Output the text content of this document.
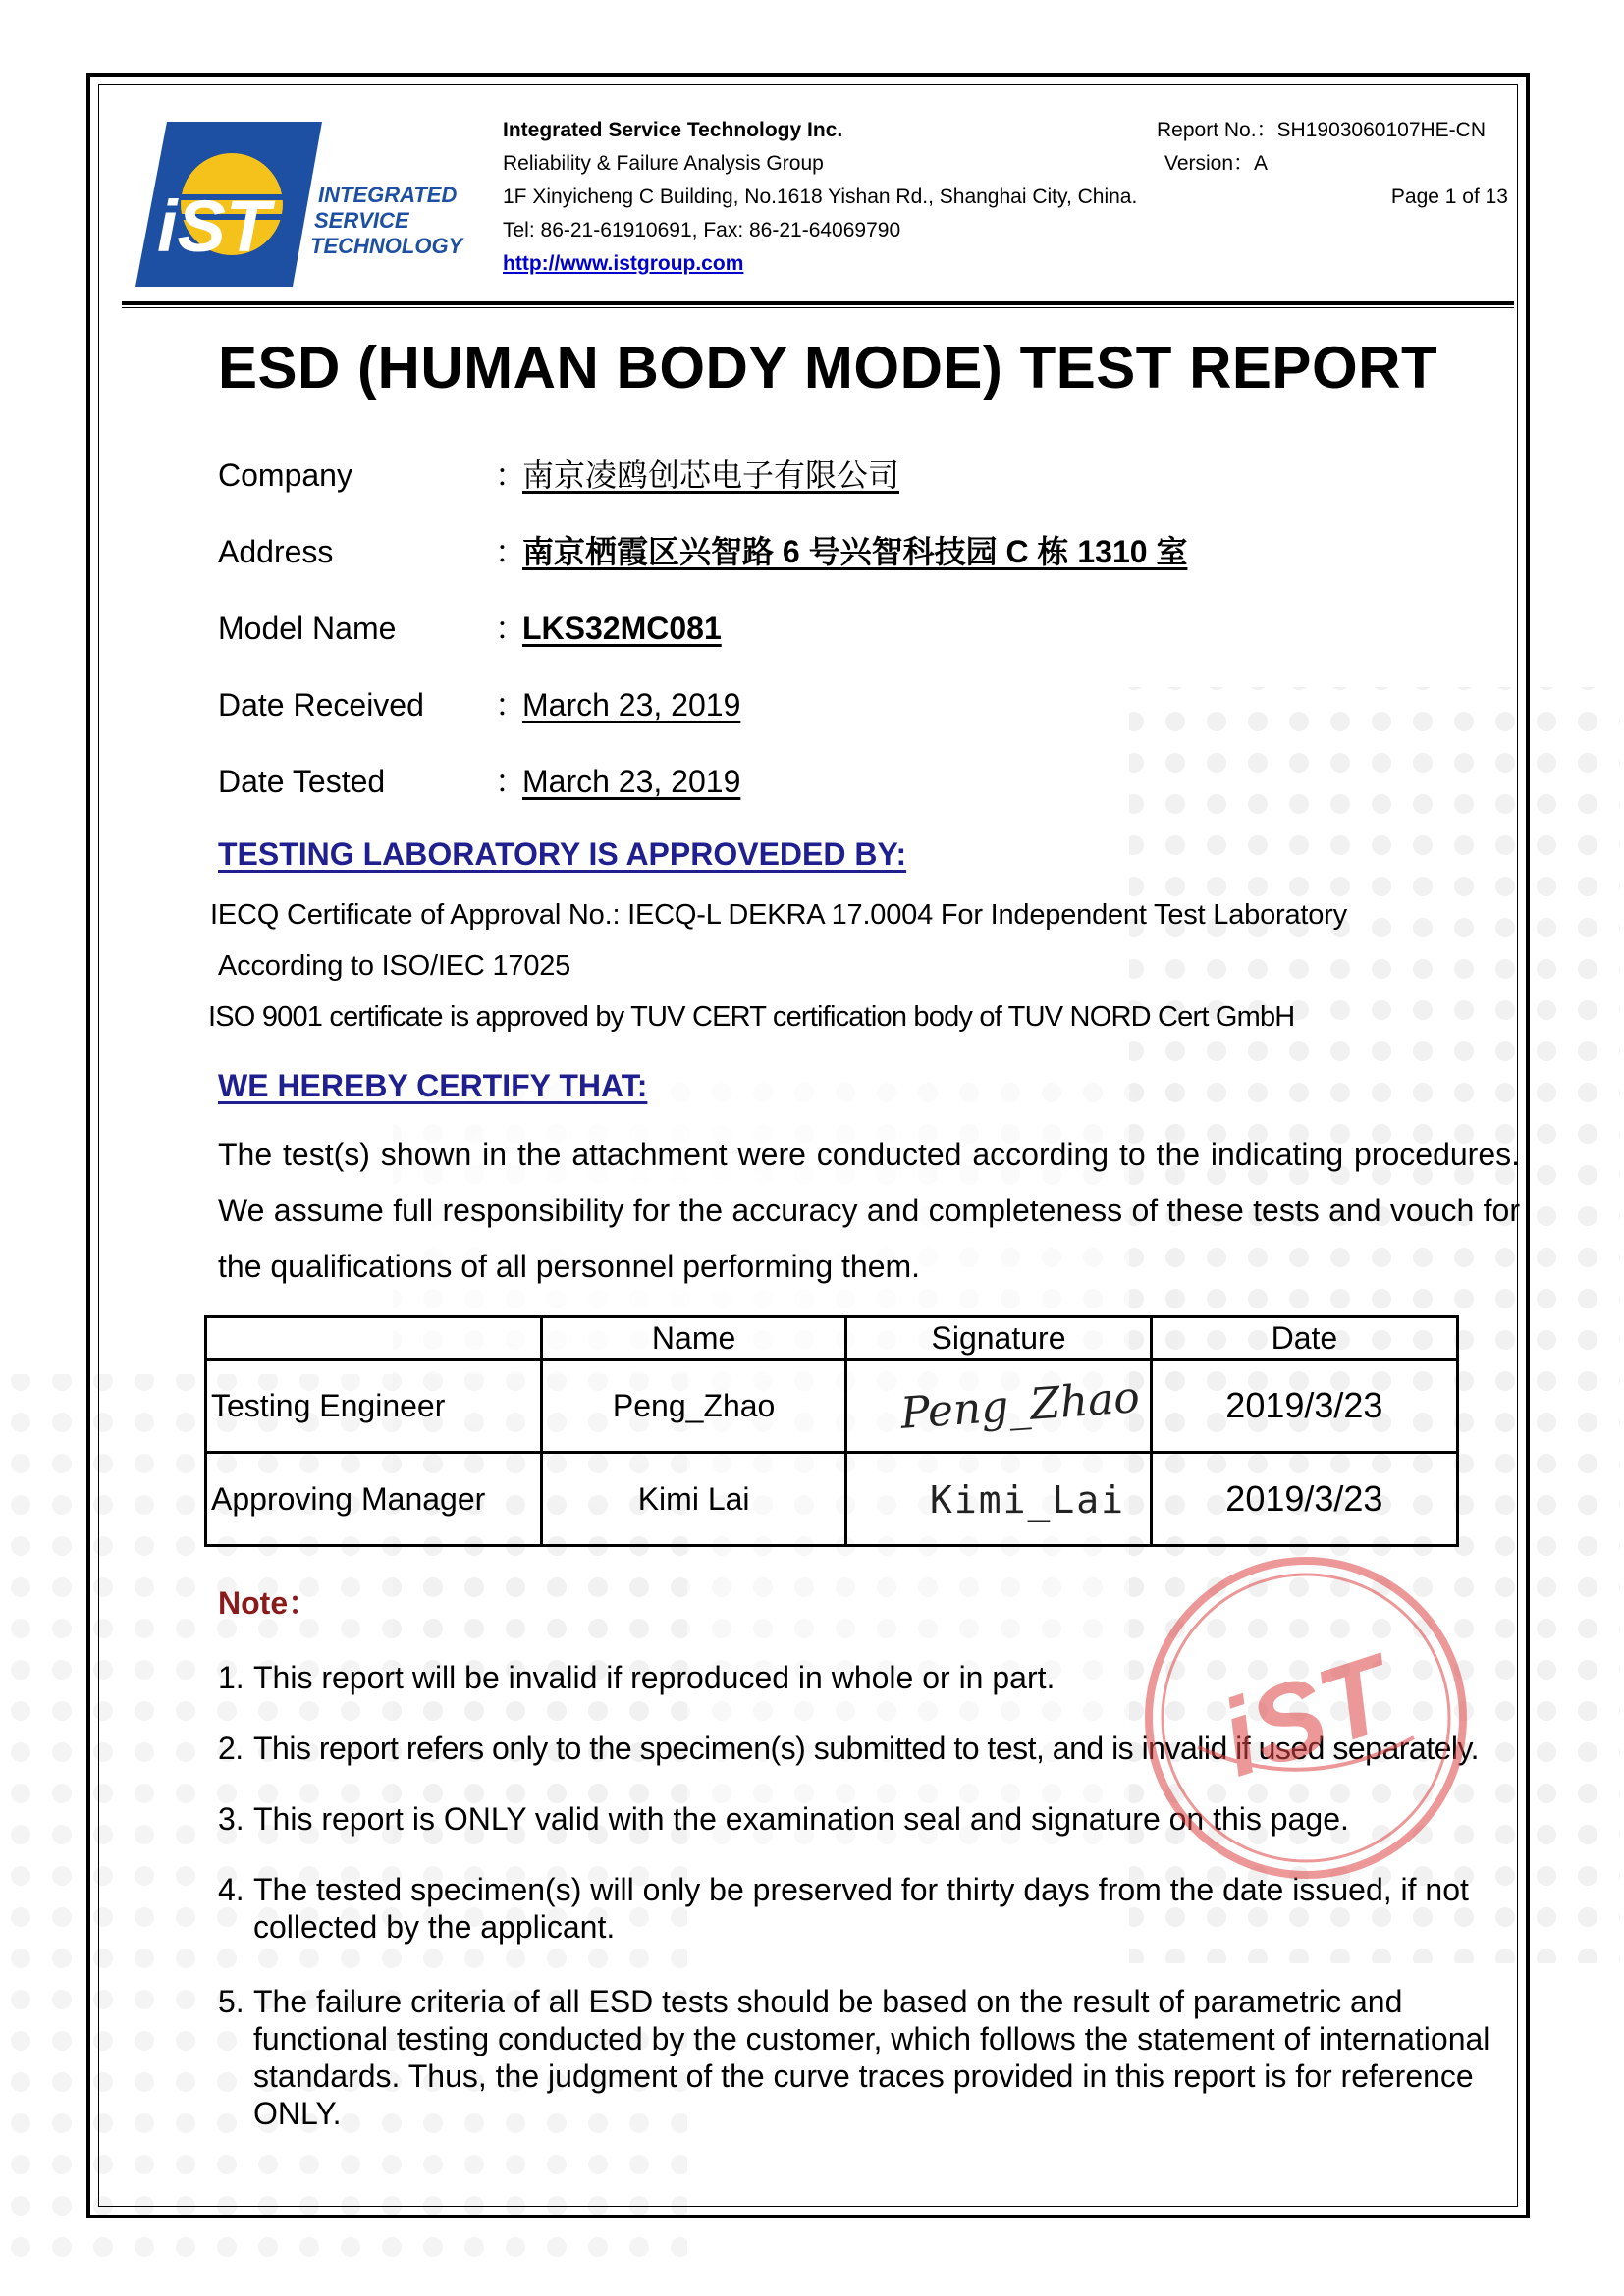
iST INTEGRATED
SERVICE
TECHNOLOGY
Integrated Service Technology Inc.
Reliability & Failure Analysis Group
1F Xinyicheng C Building, No.1618 Yishan Rd., Shanghai City, China.
Tel: 86-21-61910691, Fax: 86-21-64069790
http://www.istgroup.com
Report No.：SH1903060107HE-CN
Version：A
Page 1 of 13
ESD (HUMAN BODY MODE) TEST REPORT
Company	：南京凌鸥创芯电子有限公司
Address	：南京栖霞区兴智路 6 号兴智科技园 C 栋 1310 室
Model Name	：LKS32MC081
Date Received ：March 23, 2019
Date Tested	：March 23, 2019
TESTING LABORATORY IS APPROVEDED BY:
IECQ Certificate of Approval No.: IECQ-L DEKRA 17.0004 For Independent Test Laboratory
According to ISO/IEC 17025
ISO 9001 certificate is approved by TUV CERT certification body of TUV NORD Cert GmbH
WE HEREBY CERTIFY THAT:
The test(s) shown in the attachment were conducted according to the indicating procedures. We assume full responsibility for the accuracy and completeness of these tests and vouch for the qualifications of all personnel performing them.
	Name	Signature	Date
Testing Engineer	Peng_Zhao	Peng_Zhao	2019/3/23
Approving Manager	Kimi Lai	Kimi_Lai	2019/3/23
Note：
1. This report will be invalid if reproduced in whole or in part.
2. This report refers only to the specimen(s) submitted to test, and is invalid if used separately.
3. This report is ONLY valid with the examination seal and signature on this page.
4. The tested specimen(s) will only be preserved for thirty days from the date issued, if not collected by the applicant.
5. The failure criteria of all ESD tests should be based on the result of parametric and functional testing conducted by the customer, which follows the statement of international standards. Thus, the judgment of the curve traces provided in this report is for reference ONLY.
iST
